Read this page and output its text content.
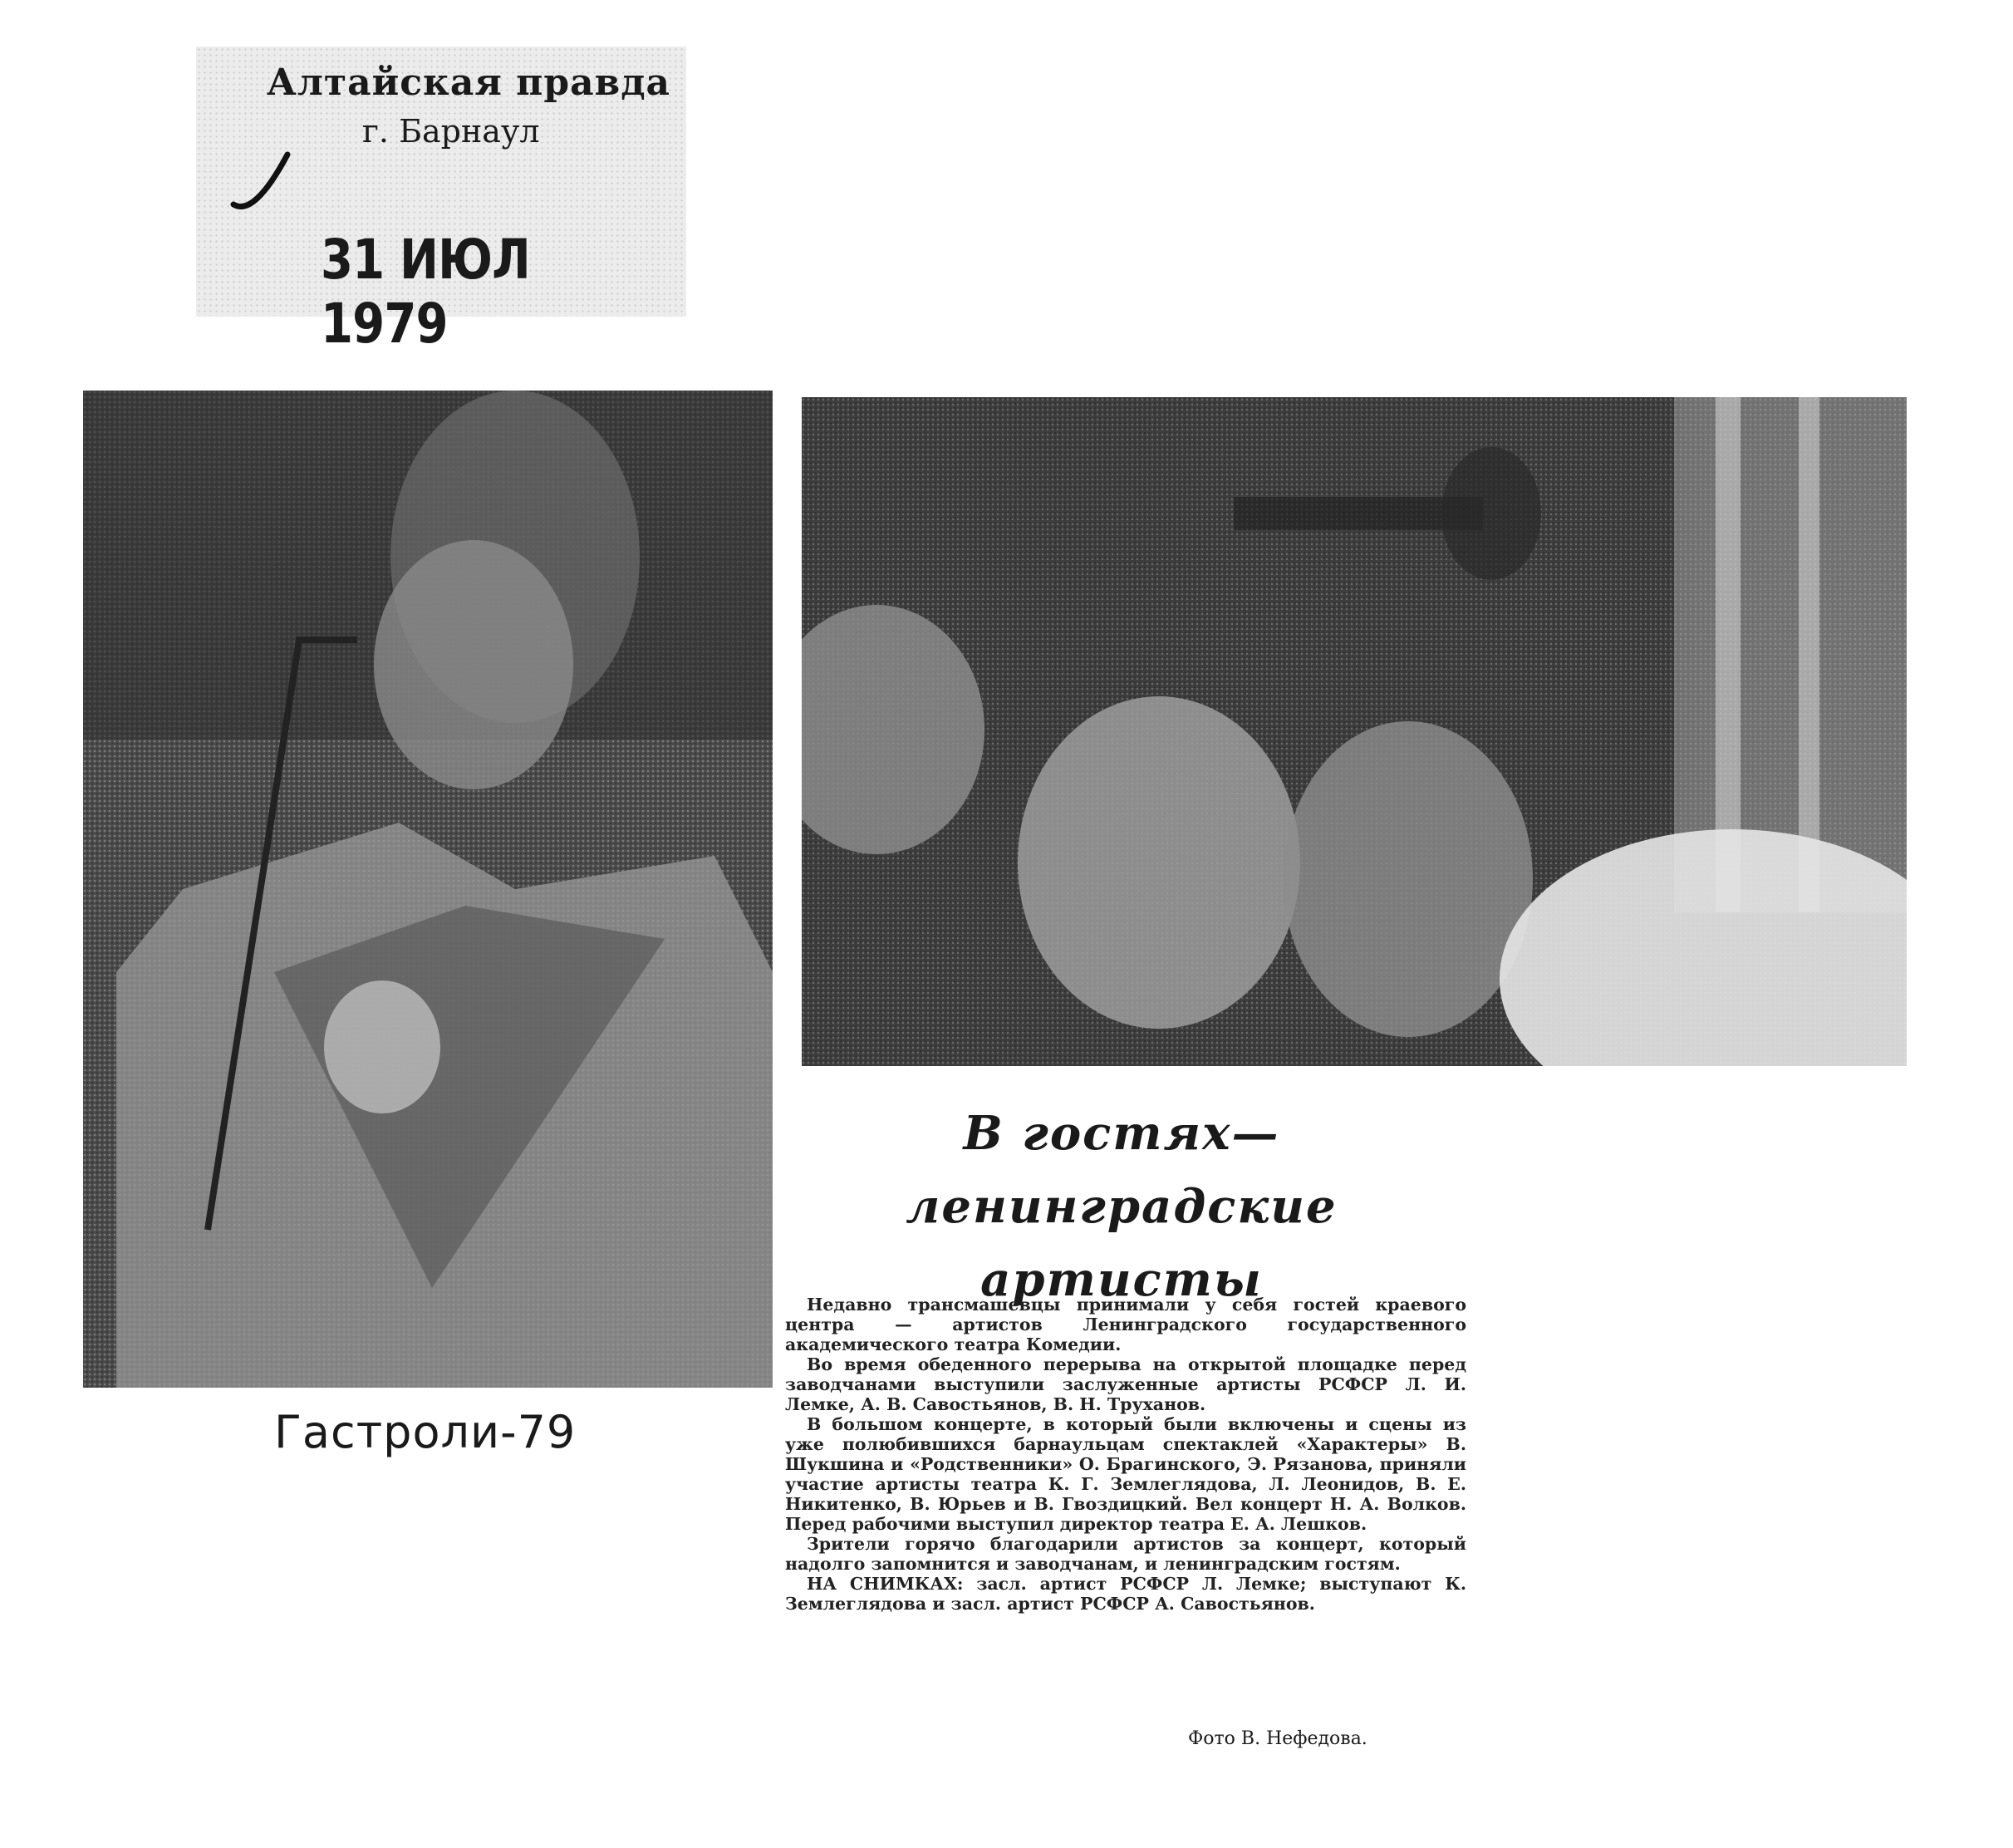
Алтайская правда
г. Барнаул
31 ИЮЛ 1979
Гастроли-79
В гостях—
ленинградские
артисты

Недавно трансмашевцы принимали у себя гостей краевого центра — артистов Ленинградского государственного академического театра Комедии.

Во время обеденного перерыва на открытой площадке перед заводчанами выступили заслуженные артисты РСФСР Л. И. Лемке, А. В. Савостьянов, В. Н. Труханов.

В большом концерте, в который были включены и сцены из уже полюбившихся барнаульцам спектаклей «Характеры» В. Шукшина и «Родственники» О. Брагинского, Э. Рязанова, приняли участие артисты театра К. Г. Землеглядова, Л. Леонидов, В. Е. Никитенко, В. Юрьев и В. Гвоздицкий. Вел концерт Н. А. Волков. Перед рабочими выступил директор театра Е. А. Лешков.

Зрители горячо благодарили артистов за концерт, который надолго запомнится и заводчанам, и ленинградским гостям.

НА СНИМКАХ: засл. артист РСФСР Л. Лемке; выступают К. Землеглядова и засл. артист РСФСР А. Савостьянов.

Фото В. Нефедова.
